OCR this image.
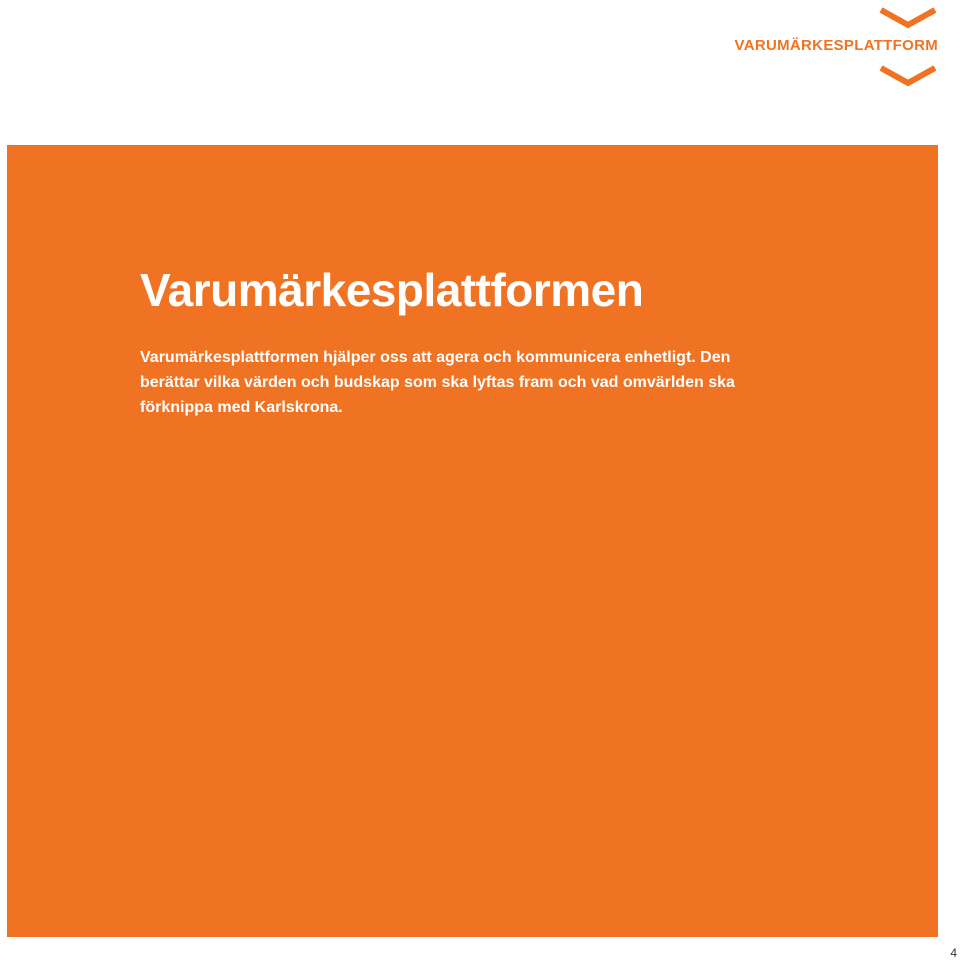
VARUMÄRKESPLATTFORM
Varumärkesplattformen

Varumärkesplattformen hjälper oss att agera och kommunicera enhetligt. Den berättar vilka värden och budskap som ska lyftas fram och vad omvärlden ska förknippa med Karlskrona.

4
